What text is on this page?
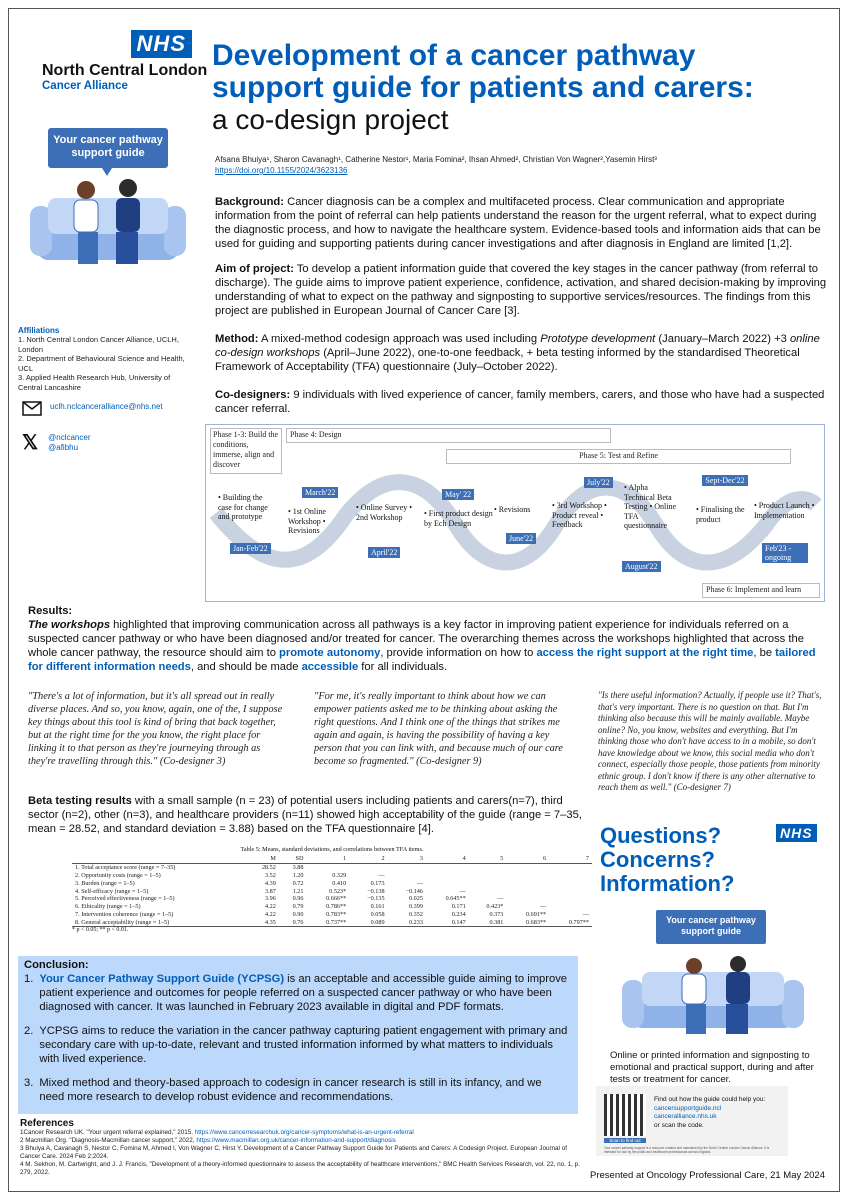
NHS
North Central London
Cancer Alliance
Development of a cancer pathway
support guide for patients and carers:
a co-design project
Afsana Bhuiya¹, Sharon Cavanagh¹, Catherine Nestor¹, Maria Fomina², Ihsan Ahmed², Christian Von Wagner²,Yasemin Hirst³
https://doi.org/10.1155/2024/3623136
Your cancer pathway support guide
Affiliations
1. North Central London Cancer Alliance, UCLH, London
2. Department of Behavioural Science and Health, UCL
3. Applied Health Research Hub, University of Central Lancashire
uclh.nclcanceralliance@nhs.net
𝕏 @nclcancer
@afibhu
Background: Cancer diagnosis can be a complex and multifaceted process. Clear communication and appropriate information from the point of referral can help patients understand the reason for the urgent referral, what to expect during the diagnostic process, and how to navigate the healthcare system. Evidence-based tools and information aids that can be used for guiding and supporting patients during cancer investigations and after diagnosis in England are limited [1,2].
Aim of project: To develop a patient information guide that covered the key stages in the cancer pathway (from referral to discharge). The guide aims to improve patient experience, confidence, activation, and shared decision-making by improving understanding of what to expect on the pathway and signposting to supportive services/resources. The findings from this project are published in European Journal of Cancer Care [3].
Method: A mixed-method codesign approach was used including Prototype development (January–March 2022) +3 online co-design workshops (April–June 2022), one-to-one feedback, + beta testing informed by the standardised Theoretical Framework of Acceptability (TFA) questionnaire (July–October 2022).
Co-designers: 9 individuals with lived experience of cancer, family members, carers, and those who have had a suspected cancer referral.
Phase 1-3: Build the conditions, immerse, align and discover
Phase 4: Design
Phase 5: Test and Refine
• Building the case for change and prototype
Jan-Feb'22
March'22
• 1st Online Workshop • Revisions
• Online Survey • 2nd Workshop
April'22
May' 22
• First product design by Ech Design
• Revisions
June'22
July'22
• 3rd Workshop • Product reveal • Feedback
• Alpha Technical Beta Testing • Online TFA questionnaire
August'22
Sept-Dec'22
• Finalising the product
• Product Launch • Implementation
Feb'23 - ongoing
Phase 6: Implement and learn
Results:
The workshops highlighted that improving communication across all pathways is a key factor in improving patient experience for individuals referred on a suspected cancer pathway or who have been diagnosed and/or treated for cancer. The overarching themes across the workshops highlighted that across the whole cancer pathway, the resource should aim to promote autonomy, provide information on how to access the right support at the right time, be tailored for different information needs, and should be made accessible for all individuals.
"There's a lot of information, but it's all spread out in really diverse places. And so, you know, again, one of the, I suppose key things about this tool is kind of bring that back together, but at the right time for the you know, the right place for linking it to that person as they're journeying through as they're travelling through this." (Co-designer 3)
"For me, it's really important to think about how we can empower patients asked me to be thinking about asking the right questions. And I think one of the things that strikes me again and again, is having the possibility of having a key person that you can link with, and because much of our care become so fragmented." (Co-designer 9)
"Is there useful information? Actually, if people use it? That's, that's very important. There is no question on that. But I'm thinking also because this will be mainly available. Maybe online? No, you know, websites and everything. But I'm thinking those who don't have access to in a mobile, so don't have knowledge about we know, this social media who don't connect, especially those people, those patients from minority ethnic group. I don't know if there is any other alternative to reach them as well." (Co-designer 7)
Beta testing results with a small sample (n = 23) of potential users including patients and carers(n=7), third sector (n=2), other (n=3), and healthcare providers (n=11) showed high acceptability of the guide (range = 7–35, mean = 28.52, and standard deviation = 3.88) based on the TFA questionnaire [4].
Table 5: Means, standard deviations, and correlations between TFA items.
	M	SD	1	2	3	4	5	6	7
1. Total acceptance score (range = 7–35)	28.52	3.88							
2. Opportunity costs (range = 1–5)	3.52	1.20	0.329	—					
3. Burden (range = 1–5)	4.39	0.72	0.410	0.173	—				
4. Self-efficacy (range = 1–5)	3.87	1.21	0.523*	−0.138	−0.146	—			
5. Perceived effectiveness (range = 1–5)	3.96	0.96	0.666**	−0.135	0.025	0.645**	—		
6. Ethicality (range = 1–5)	4.22	0.79	0.786**	0.161	0.399	0.171	0.423*	—	
7. Intervention coherence (range = 1–5)	4.22	0.90	0.783**	0.058	0.352	0.234	0.373	0.691**	—
8. General acceptability (range = 1–5)	4.35	0.76	0.737**	0.089	0.233	0.147	0.381	0.683**	0.797**
* p < 0.05; ** p < 0.01.
Conclusion:
1. Your Cancer Pathway Support Guide (YCPSG) is an acceptable and accessible guide aiming to improve patient experience and outcomes for people referred on a suspected cancer pathway or who have been diagnosed with cancer. It was launched in February 2023 available in digital and PDF formats.
2. YCPSG aims to reduce the variation in the cancer pathway capturing patient engagement with primary and secondary care with up-to-date, relevant and trusted information informed by what matters to individuals with lived experience.
3. Mixed method and theory-based approach to codesign in cancer research is still in its infancy, and we need more research to develop robust evidence and recommendations.
References
1Cancer Research UK. "Your urgent referral explained," 2015. https://www.cancerresearchuk.org/cancer-symptoms/what-is-an-urgent-referral
2 Macmillan Org. "Diagnosis-Macmillan cancer support," 2022, https://www.macmillan.org.uk/cancer-information-and-support/diagnosis
3 Bhuiya A, Cavanagh S, Nestor C, Fomina M, Ahmed I, Von Wagner C, Hirst Y. Development of a Cancer Pathway Support Guide for Patients and Carers: A Codesign Project. European Journal of Cancer Care. 2024 Feb 2;2024.
4 M. Sekhon, M. Cartwright, and J. J. Francis, "Development of a theory-informed questionnaire to assess the acceptability of healthcare interventions," BMC Health Services Research, vol. 22, no. 1, p. 279, 2022.
Questions?
Concerns?
Information?
NHS
Your cancer pathway support guide
Online or printed information and signposting to emotional and practical support, during and after tests or treatment for cancer.
Scan to find out
Find out how the guide could help you:
cancersupportguide.ncl canceralliance.nhs.uk
or scan the code.
Your cancer pathway support is a resource created and maintained by the North Central London Cancer Alliance. It is intended for use by the public and healthcare professionals across England.
Presented at Oncology Professional Care, 21 May 2024
